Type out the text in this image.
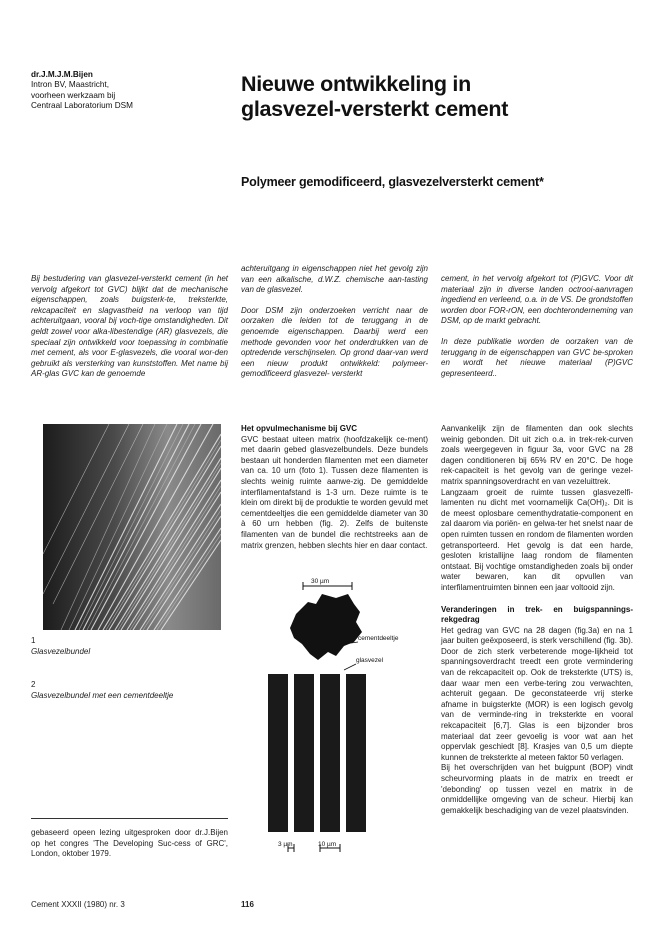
dr.J.M.J.M.Bijen
Intron BV, Maastricht,
voorheen werkzaam bij
Centraal Laboratorium DSM
Nieuwe ontwikkeling in
glasvezel-versterkt cement
Polymeer gemodificeerd, glasvezelversterkt cement*
Bij bestudering van glasvezel-versterkt cement (in het vervolg afgekort tot GVC) blijkt dat de mechanische eigenschappen, zoals buigsterk-te, treksterkte, rekcapaciteit en slagvastheid na verloop van tijd achteruitgaan, vooral bij voch-tige omstandigheden. Dit geldt zowel voor alka-libestendige (AR) glasvezels, die speciaal zijn ontwikkeld voor toepassing in combinatie met cement, als voor E-glasvezels, die vooral wor-den gebruikt als versterking van kunststoffen. Met name bij AR-glas GVC kan de genoemde
achteruitgang in eigenschappen niet het gevolg zijn van een alkalische, d.W.Z. chemische aan-tasting van de glasvezel.
Door DSM zijn onderzoeken verricht naar de oorzaken die leiden tot de teruggang in de genoemde eigenschappen. Daarbij werd een methode gevonden voor het onderdrukken van de optredende verschijnselen. Op grond daar-van werd een nieuw produkt ontwikkeld: polymeer-gemodificeerd glasvezel- versterkt
cement, in het vervolg afgekort tot (P)GVC. Voor dit materiaal zijn in diverse landen octrooi-aanvragen ingediend en verleend, o.a. in de VS. De grondstoffen worden door FOR-rON, een dochteronderneming van DSM, op de markt gebracht.
In deze publikatie worden de oorzaken van de teruggang in de eigenschappen van GVC be-sproken en wordt het nieuwe materiaal (P)GVC gepresenteerd..
1
Glasvezelbundel
2
Glasvezelbundel met een cementdeeltje
gebaseerd opeen lezing uitgesproken door dr.J.Bijen op het congres 'The Developing Suc-cess of GRC', London, oktober 1979.
Het opvulmechanisme bij GVC

GVC bestaat uiteen matrix (hoofdzakelijk ce-ment) met daarin gebed glasvezelbundels. Deze bundels bestaan uit honderden filamenten met een diameter van ca. 10 urn (foto 1). Tussen deze filamenten is slechts weinig ruimte aanwe-zig. De gemiddelde interfilamentafstand is 1-3 urn. Deze ruimte is te klein om direkt bij de produktie te worden gevuld met cementdeeltjes die een gemiddelde diameter van 30 à 60 urn hebben (fig. 2). Zelfs de buitenste filamenten van de bundel die rechtstreeks aan de matrix grenzen, hebben slechts hier en daar contact.

30 µm
cementdeeltje
glasvezel
3 µm	10 µm

Aanvankelijk zijn de filamenten dan ook slechts weinig gebonden. Dit uit zich o.a. in trek-rek-curven zoals weergegeven in figuur 3a, voor GVC na 28 dagen conditioneren bij 65% RV en 20°C. De hoge rek-capaciteit is het gevolg van de geringe vezel-matrix spanningsoverdracht en van vezeluittrek.

Langzaam groeit de ruimte tussen glasvezelfi-lamenten nu dicht met voornamelijk Ca(OH)₂. Dit is de meest oplosbare cementhydratatie-component en zal daarom via poriën- en gelwa-ter het snelst naar de open ruimten tussen en rondom de filamenten worden getransporteerd. Het gevolg is dat een harde, gesloten kristallijne laag rondom de filamenten ontstaat. Bij vochtige omstandigheden zoals bij onder water bewaren, kan dit opvullen van interfilamentruimten binnen een jaar voltooid zijn.

Veranderingen in trek- en buigspannings-rekgedrag

Het gedrag van GVC na 28 dagen (fig.3a) en na 1 jaar buiten geëxposeerd, is sterk verschillend (fig. 3b). Door de zich sterk verbeterende moge-lijkheid tot spanningsoverdracht treedt een grote vermindering van de rekcapaciteit op. Ook de treksterkte (UTS) is, daar waar men een verbe-tering zou verwachten, achteruit gegaan. De geconstateerde vrij sterke afname in buigsterkte (MOR) is een logisch gevolg van de verminde-ring in treksterkte en vooral rekcapaciteit [6,7]. Glas is een bijzonder bros materiaal dat zeer gevoelig is voor wat aan het oppervlak geschiedt [8]. Krasjes van 0,5 um diepte kunnen de treksterkte al meteen faktor 50 verlagen.

Bij het overschrijden van het buigpunt (BOP) vindt scheurvorming plaats in de matrix en treedt er 'debonding' op tussen vezel en matrix in de onmiddellijke omgeving van de scheur. Hierbij kan gemakkelijk beschadiging van de vezel plaatsvinden.

Cement XXXII (1980) nr. 3	116
